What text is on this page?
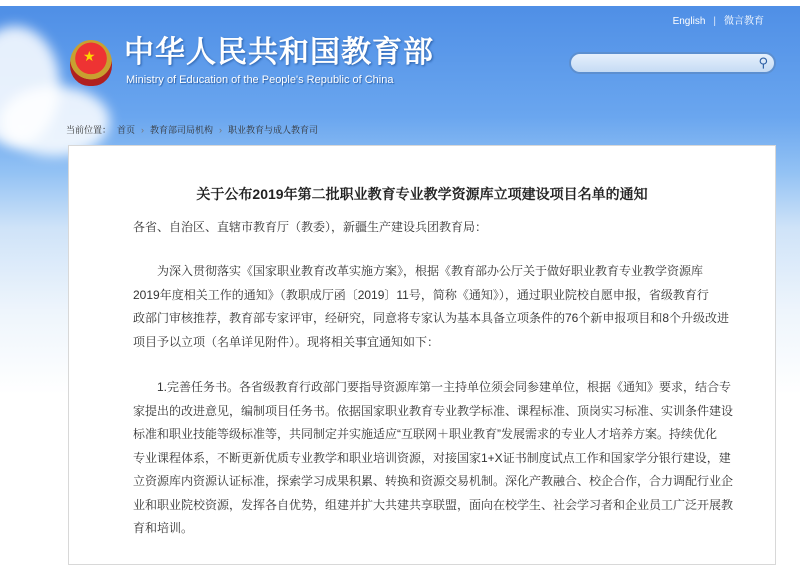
★ 中华人民共和国教育部
Ministry of Education of the People's Republic of China
English | 微言教育
⚲
当前位置： 首页 › 教育部司局机构 › 职业教育与成人教育司
关于公布2019年第二批职业教育专业教学资源库立项建设项目名单的通知
各省、自治区、直辖市教育厅（教委），新疆生产建设兵团教育局：
　　为深入贯彻落实《国家职业教育改革实施方案》，根据《教育部办公厅关于做好职业教育专业教学资源库
2019年度相关工作的通知》（教职成厅函〔2019〕11号，简称《通知》），通过职业院校自愿申报，省级教育行
政部门审核推荐，教育部专家评审，经研究，同意将专家认为基本具备立项条件的76个新申报项目和8个升级改进
项目予以立项（名单详见附件）。现将相关事宜通知如下：
　　1.完善任务书。各省级教育行政部门要指导资源库第一主持单位须会同参建单位，根据《通知》要求，结合专
家提出的改进意见，编制项目任务书。依据国家职业教育专业教学标准、课程标准、顶岗实习标准、实训条件建设
标准和职业技能等级标准等，共同制定并实施适应“互联网＋职业教育”发展需求的专业人才培养方案。持续优化
专业课程体系，不断更新优质专业教学和职业培训资源，对接国家1+X证书制度试点工作和国家学分银行建设，建
立资源库内资源认证标准，探索学习成果积累、转换和资源交易机制。深化产教融合、校企合作，合力调配行业企
业和职业院校资源，发挥各自优势，组建并扩大共建共享联盟，面向在校学生、社会学习者和企业员工广泛开展教
育和培训。
